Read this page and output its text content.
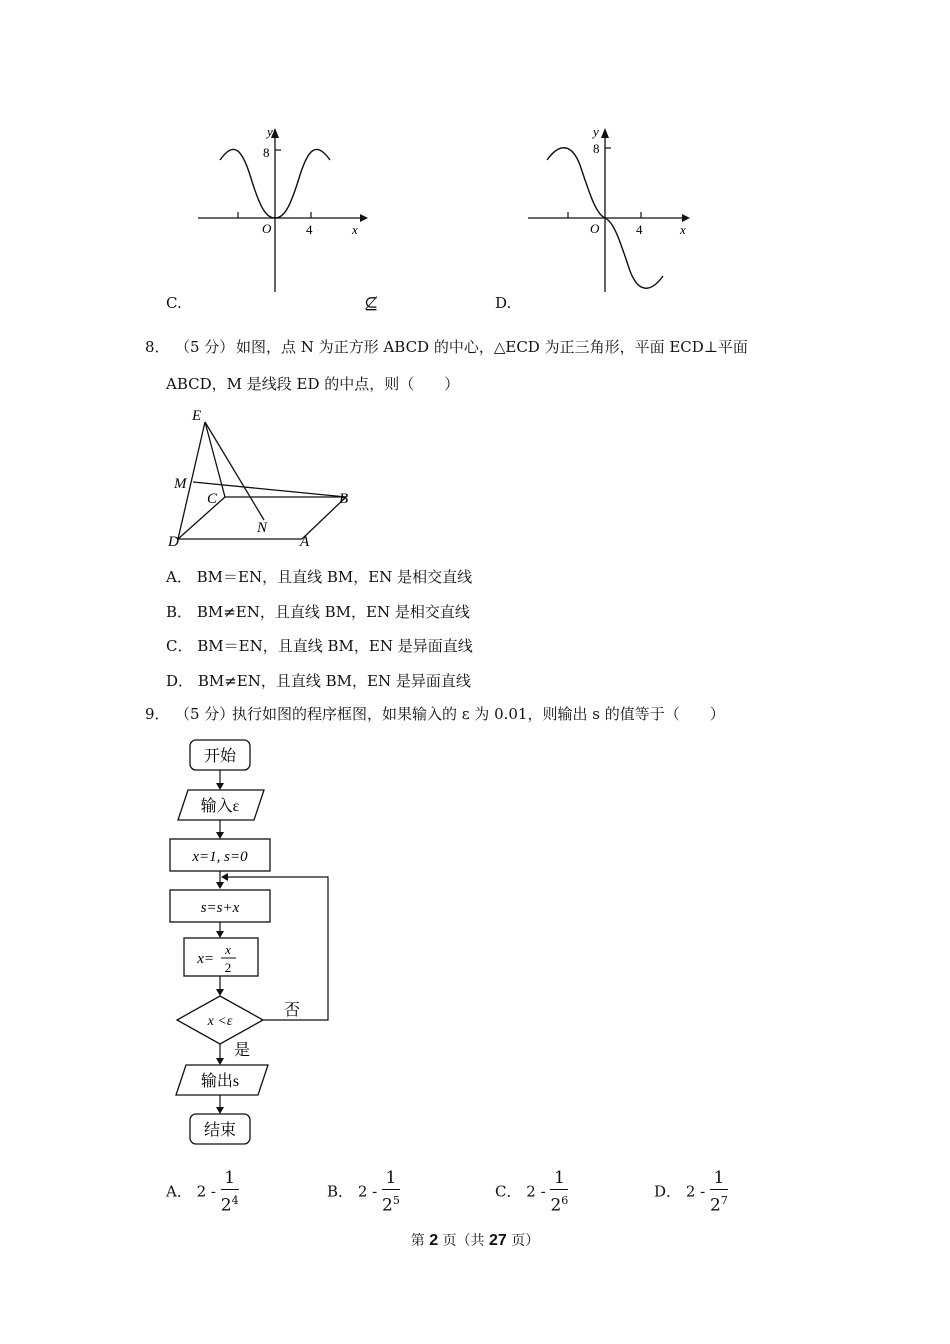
y
8
O	4	x
C.	⊈
y
8
O	4	x
D.
8． （5 分） 如图，点 N 为正方形 ABCD 的中心，△ECD 为正三角形，平面 ECD⊥平面
ABCD，M 是线段 ED 的中点，则（　　）
E
M
C	B
N
D	A
A． BM＝EN，且直线 BM，EN 是相交直线
B． BM≠EN，且直线 BM，EN 是相交直线
C． BM＝EN，且直线 BM，EN 是异面直线
D． BM≠EN，且直线 BM，EN 是异面直线
9． （5 分）
执行如图的程序框图，如果输入的 ε 为 0.01，则输出 s 的值等于（　　）
开始
输入ε
x=1, s=0
s=s+x
x=
x
2
x <ε
否
是
输出s
结束
A． $2 - \frac{1}{2^4}$	B． $2 - \frac{1}{2^5}$	C． $2 - \frac{1}{2^6}$	D． $2 - \frac{1}{2^7}$
第 2 页（共 27 页）
